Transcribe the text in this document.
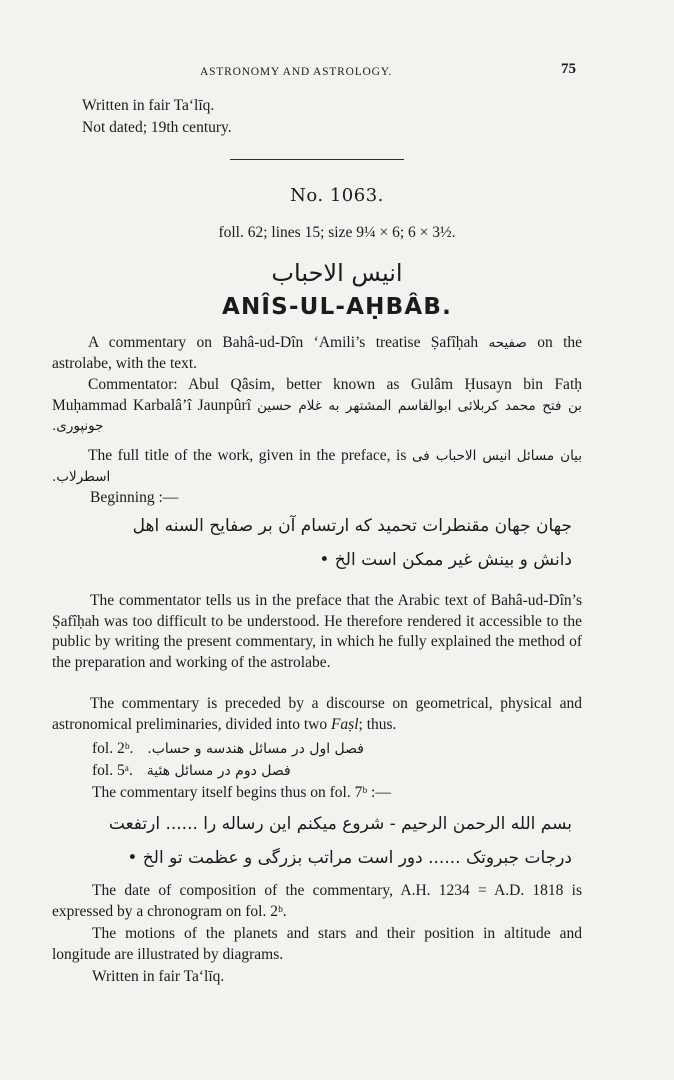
ASTRONOMY AND ASTROLOGY.	75
Written in fair Ta‘līq.
Not dated; 19th century.
No. 1063.
foll. 62; lines 15; size 9¼ × 6; 6 × 3½.
انیس الاحباب
ANÎS-UL-AḤBÂB.
A commentary on Bahâ-ud-Dîn ‘Amili’s treatise Ṣafîḥah صفیحه on the astrolabe, with the text.
Commentator: Abul Qâsim, better known as Gulâm Ḥusayn bin Fatḥ Muḥammad Karbalâ’î Jaunpûrî ابوالقاسم المشتهر به غلام حسین بن فتح محمد کربلائی جونپوری.
The full title of the work, given in the preface, is انیس الاحباب فی بیان مسائل اسطرلاب.
Beginning :—
جهان جهان مقنطرات تحمید که ارتسام آن بر صفایح السنه اهل
دانش و بینش غیر ممکن است الخ •
The commentator tells us in the preface that the Arabic text of Bahâ-ud-Dîn’s Ṣafîḥah was too difficult to be understood. He therefore rendered it accessible to the public by writing the present commentary, in which he fully explained the method of the preparation and working of the astrolabe.
The commentary is preceded by a discourse on geometrical, physical and astronomical preliminaries, divided into two Faṣl; thus.
fol. 2ᵇ. فصل اول در مسائل هندسه و حساب.
fol. 5ᵃ. فصل دوم در مسائل هئیة
The commentary itself begins thus on fol. 7ᵇ :—
بسم الله الرحمن الرحیم - شروع میکنم این رساله را ...... ارتفعت
درجات جبروتک ...... دور است مراتب بزرگی و عظمت تو الخ •
The date of composition of the commentary, A.H. 1234 = A.D. 1818 is expressed by a chronogram on fol. 2ᵇ.
The motions of the planets and stars and their position in altitude and longitude are illustrated by diagrams.
Written in fair Ta‘līq.
